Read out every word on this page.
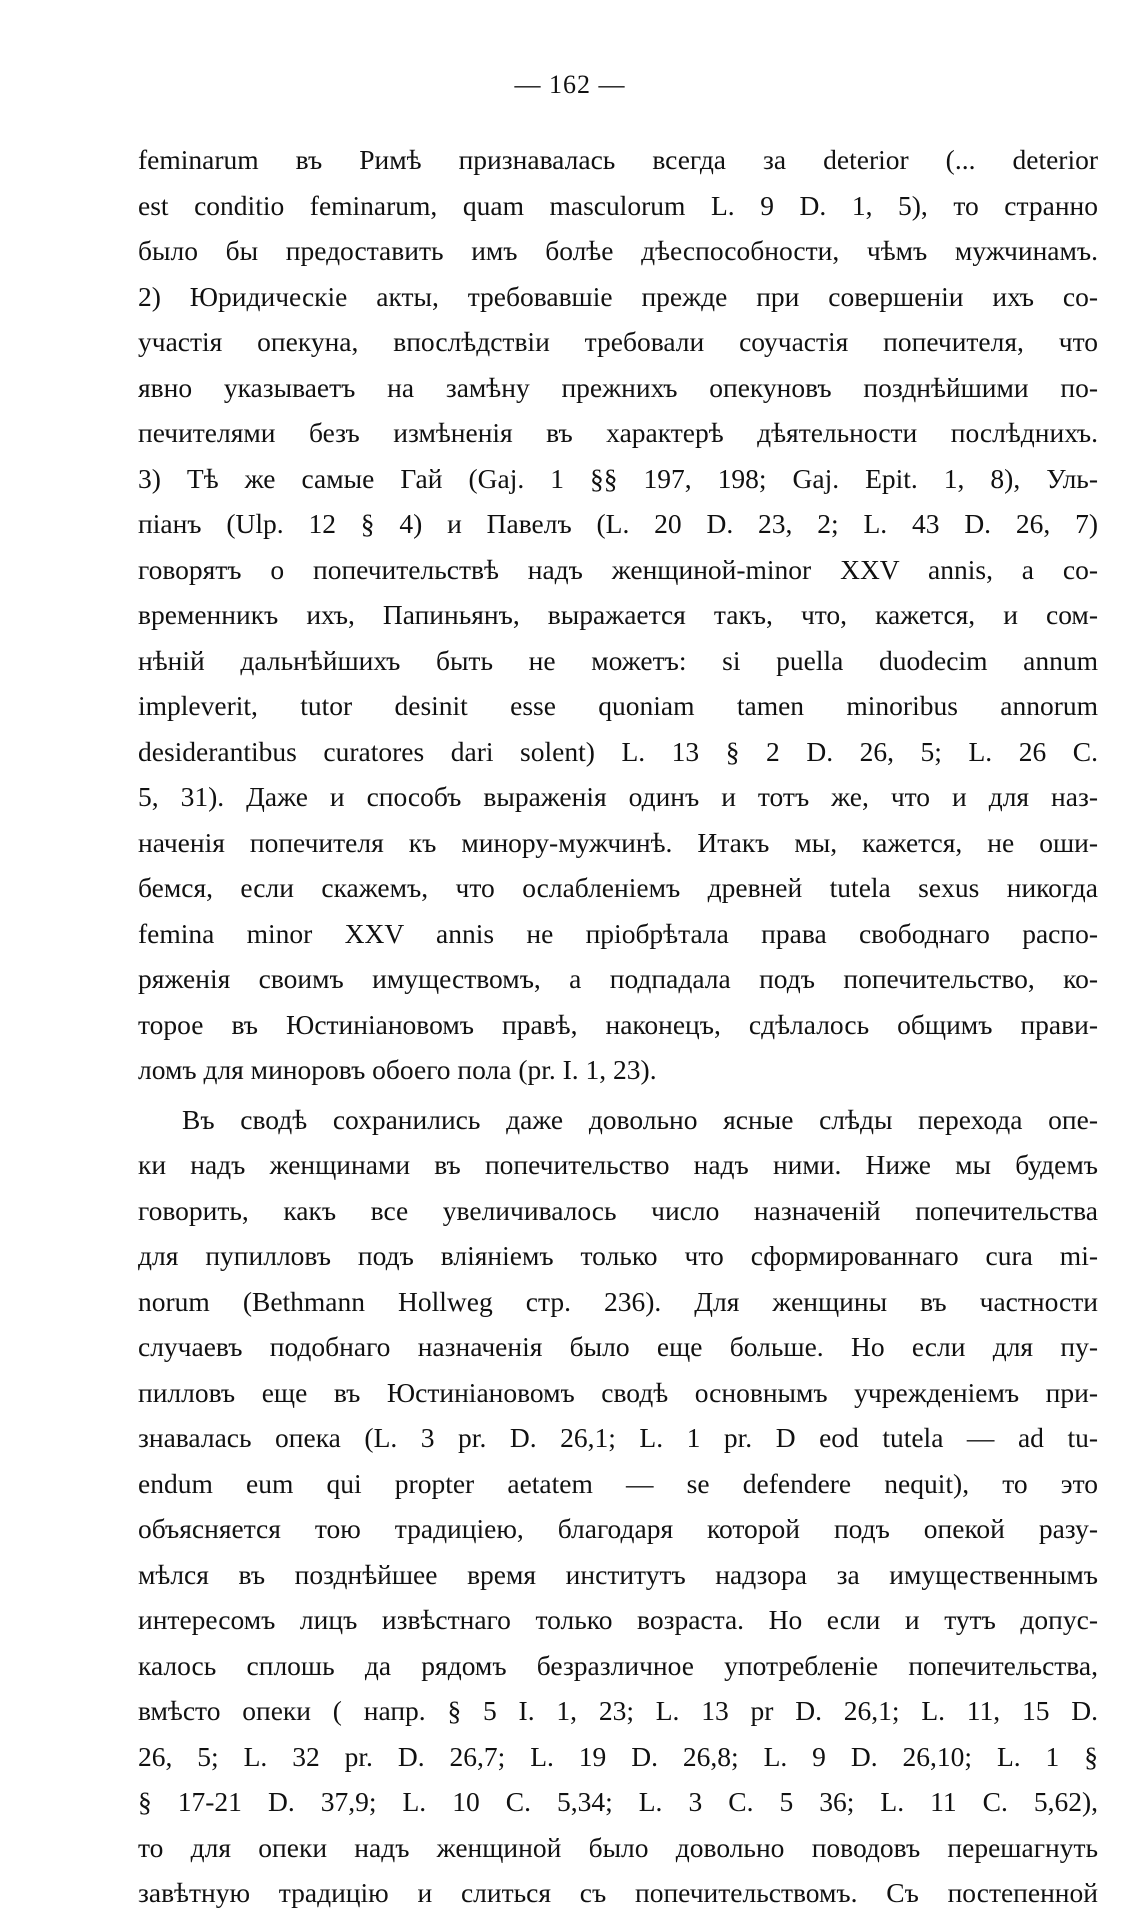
— 162 —
feminarum въ Римѣ признавалась всегда за deterior (... deterior
est conditio feminarum, quam masculorum L. 9 D. 1, 5), то странно
было бы предоставить имъ болѣе дѣеспособности, чѣмъ мужчинамъ.
2) Юридическіе акты, требовавшіе прежде при совершеніи ихъ со-
участія опекуна, впослѣдствіи требовали соучастія попечителя, что
явно указываетъ на замѣну прежнихъ опекуновъ позднѣйшими по-
печителями безъ измѣненія въ характерѣ дѣятельности послѣднихъ.
3) Тѣ же самые Гай (Gaj. 1 §§ 197, 198; Gaj. Epit. 1, 8), Уль-
піанъ (Ulp. 12 § 4) и Павелъ (L. 20 D. 23, 2; L. 43 D. 26, 7)
говорятъ о попечительствѣ надъ женщиной-minor XXV annis, а со-
временникъ ихъ, Папиньянъ, выражается такъ, что, кажется, и сом-
нѣній дальнѣйшихъ быть не можетъ: si puella duodecim annum
impleverit, tutor desinit esse quoniam tamen minoribus annorum
desiderantibus curatores dari solent) L. 13 § 2 D. 26, 5; L. 26 C.
5, 31). Даже и способъ выраженія одинъ и тотъ же, что и для наз-
наченія попечителя къ минору-мужчинѣ. Итакъ мы, кажется, не оши-
бемся, если скажемъ, что ослабленіемъ древней tutela sexus никогда
femina minor XXV annis не пріобрѣтала права свободнаго распо-
ряженія своимъ имуществомъ, а подпадала подъ попечительство, ко-
торое въ Юстиніановомъ правѣ, наконецъ, сдѣлалось общимъ прави-
ломъ для миноровъ обоего пола (pr. I. 1, 23).
Въ сводѣ сохранились даже довольно ясные слѣды перехода опе-
ки надъ женщинами въ попечительство надъ ними. Ниже мы будемъ
говорить, какъ все увеличивалось число назначеній попечительства
для пупилловъ подъ вліяніемъ только что сформированнаго cura mi-
norum (Bethmann Hollweg стр. 236). Для женщины въ частности
случаевъ подобнаго назначенія было еще больше. Но если для пу-
пилловъ еще въ Юстиніановомъ сводѣ основнымъ учрежденіемъ при-
знавалась опека (L. 3 pr. D. 26,1; L. 1 pr. D eod tutela — ad tu-
endum eum qui propter aetatem — se defendere nequit), то это
объясняется тою традиціею, благодаря которой подъ опекой разу-
мѣлся въ позднѣйшее время институтъ надзора за имущественнымъ
интересомъ лицъ извѣстнаго только возраста. Но если и тутъ допус-
калось сплошь да рядомъ безразличное употребленіе попечительства,
вмѣсто опеки ( напр. § 5 I. 1, 23; L. 13 pr D. 26,1; L. 11, 15 D.
26, 5; L. 32 pr. D. 26,7; L. 19 D. 26,8; L. 9 D. 26,10; L. 1 §
§ 17-21 D. 37,9; L. 10 C. 5,34; L. 3 C. 5 36; L. 11 C. 5,62),
то для опеки надъ женщиной было довольно поводовъ перешагнуть
завѣтную традицію и слиться съ попечительствомъ. Съ постепенной
